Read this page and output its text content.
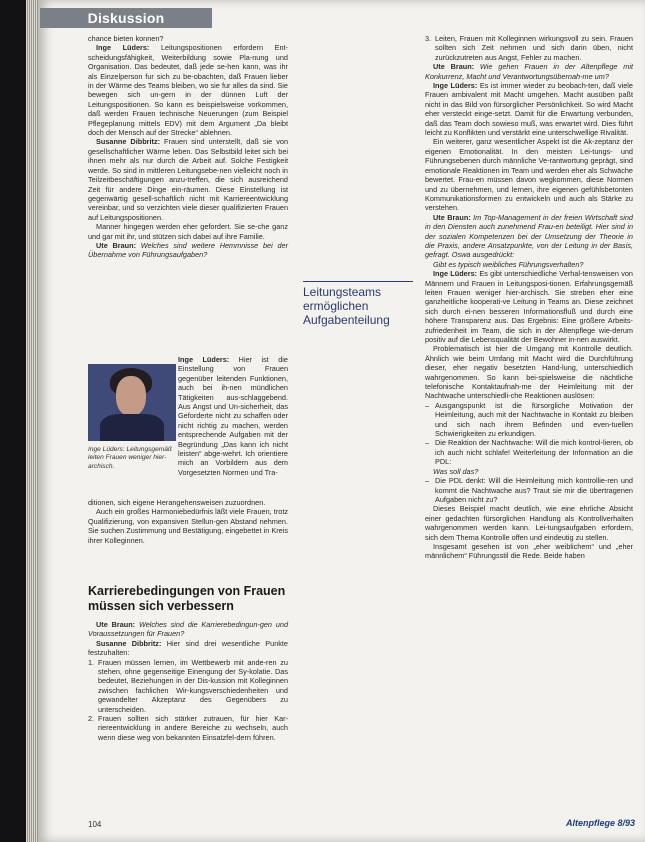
Diskussion

chance bieten konnen?

Inge Lüders: Leitungspositionen erfordern Ent-scheidungsfähigkeit, Weiterbildung sowie Pla-nung und Organisation. Das bedeutet, daß jede se-hen kann, was ihr als Einzelperson fur sich zu be-obachten, daß Frauen lieber in der Wärme des Teams bleiben, wo sie fur alles da sind. Sie bewegen sich un-gern in der dünnen Luft der Leitungspositionen. So kann es beispielsweise vorkommen, daß werden Frauen technische Neuerungen (zum Beispiel Pflegeplanung mittels EDV) mit dem Argument „Da bleibt doch der Mensch auf der Strecke“ ablehnen.

Susanne Dibbritz: Frauen sind unterstellt, daß sie von gesellschaftlicher Wärme leben. Das Selbstbild leitet sich bei ihnen mehr als nur durch die Arbeit auf. Solche Festigkeit werde. So sind in mittleren Leitungsebe-nen vielleicht noch in Teilzeitbeschäftigungen anzu-treffen, die sich ausreichend Zeit für andere Dinge ein-räumen. Diese Einstellung ist gegenwärtig gesell-schaftlich nicht mit Karriereentwicklung vereinbar, und so verzichten viele dieser qualifizierten Frauen auf Leitungspositionen.

Manner hingegen werden eher gefordert. Sie se-che ganz und gar mit ihr, und stützen sich dabei auf ihre Familie.

Ute Braun: Welches sind weitere Hemmnisse bei der Übernahme von Führungsaufgaben?

Leitungsteams ermöglichen Aufgabenteilung
Inge Lüders: Leitungsgemäß leiten Frauen weniger hier-archisch.
Inge Lüders: Hier ist die Einstellung von Frauen gegenüber leitenden Funktionen, auch bei ih-nen mündlichen Tätigkeiten aus-schlaggebend. Aus Angst und Un-sicherheit, das Geforderte nicht zu schaffen oder nicht richtig zu machen, werden entsprechende Aufgaben mit der Begründung „Das kann ich nicht leisten“ abge-wehrt. Ich orientiere mich an Vorbildern aus dem Vorgesetzten Normen und Tra-

ditionen, sich eigene Herangehensweisen zuzuordnen.

Auch ein großes Harmoniebedürfnis läßt viele Frauen, trotz Qualifizierung, von expansiven Stellun-gen Abstand nehmen. Sie suchen Zustimmung und Bestätigung, eingebettet in Kreis ihrer Kolleginnen.

Karrierebedingungen von Frauen müssen sich verbessern

Ute Braun: Welches sind die Karrierebedingun-gen und Voraussetzungen für Frauen?

Susanne Dibbritz: Hier sind drei wesentliche Punkte festzuhalten:

1. Frauen müssen lernen, im Wettbewerb mit ande-ren zu stehen, ohne gegenseitige Einengung der Sy-kolatie. Das bedeutet, Beziehungen in der Dis-kussion mit Kolleginnen zwischen fachlichen Wir-kungsverschiedenheiten und gewandelter Akzeptanz des Gegenübers zu unterscheiden.
2. Frauen sollten sich stärker zutrauen, für hier Kar-riereentwicklung in andere Bereiche zu wechseln, auch wenn diese weg von bekannten Einsatzfel-dern führen.
3. Leiten, Frauen mit Kolleginnen wirkungsvoll zu sein. Frauen sollten sich Zeit nehmen und sich darin üben, nicht zurückzutreten aus Angst, Fehler zu machen.

Ute Braun: Wie gehen Frauen in der Altenpflege mit Konkurrenz, Macht und Verantwortungsübernah-me um?

Inge Lüders: Es ist immer wieder zu beobach-ten, daß viele Frauen ambivalent mit Macht umgehen. Macht ausüben paßt nicht in das Bild von fürsorglicher Persönlichkeit. So wird Macht eher versteckt einge-setzt. Damit für die Erwartung verbunden, daß das Team doch sowieso muß, was erwartet wird. Dies führt leicht zu Konflikten und verstärkt eine unterschwellige Rivalität.

Ein weiterer, ganz wesentlicher Aspekt ist die Ak-zeptanz der eigenen Emotionalität. In den meisten Lei-tungs- und Führungsebenen durch männliche Ve-rantwortung geprägt, sind emotionale Reaktionen im Team und werden eher als Schwäche bewertet. Frau-en müssen davon wegkommen, diese Normen und zu übernehmen, und lernen, ihre eigenen gefühlsbetonten Kommunikationsformen zu entwickeln und auch als Stärke zu verstehen.

Ute Braun: Im Top-Management in der freien Wirtschaft sind in den Diensten auch zunehmend Frau-en beteiligt. Hier sind in der sozialen Kompetenzen bei der Umsetzung der Theorie in die Praxis, andere Ansatzpunkte, von der Leitung in der Basis, gefragt. Oswa ausgedrückt:

Gibt es typisch weibliches Führungsverhalten?

Inge Lüders: Es gibt unterschiedliche Verhal-tensweisen von Männern und Frauen in Leitungsposi-tionen. Erfahrungsgemäß leiten Frauen weniger hier-archisch. Sie streben eher eine ganzheitliche kooperati-ve Leitung in Teams an. Diese zeichnet sich durch ei-nen besseren Informationsfluß und durch eine höhere Transparenz aus. Das Ergebnis: Eine größere Arbeits-zufriedenheit im Team, die sich in der Altenpflege wie-derum positiv auf die Lebensqualität der Bewohner in-nen auswirkt.

Problematisch ist hier die Umgang mit Kontrolle deutlich. Ähnlich wie beim Umfang mit Macht wird die Durchführung dieser, eher negativ besetzten Hand-lung, unterschiedlich wahrgenommen. So kann bei-spielsweise die nächtliche telefonische Kontaktaufnah-me der Heimleitung mit der Nachtwache unterschiedli-che Reaktionen auslösen:

– Ausgangspunkt ist die fürsorgliche Motivation der Heimleitung, auch mit der Nachtwache in Kontakt zu bleiben und sich nach ihrem Befinden und even-tuellen Schwierigkeiten zu erkundigen.
– Die Reaktion der Nachtwache: Will die mich kontrol-lieren, ob ich auch nicht schlafe! Weiterleitung der Information an die PDL:

Was soll das?

– Die PDL denkt: Will die Heimleitung mich kontrollie-ren und kommt die Nachtwache aus? Traut sie mir die übertragenen Aufgaben nicht zu?

Dieses Beispiel macht deutlich, wie eine ehrliche Absicht einer gedachten fürsorglichen Handlung als Kontrollverhalten wahrgenommen werden kann. Lei-tungsaufgaben erfordern, sich dem Thema Kontrolle offen und eindeutig zu stellen.

Insgesamt gesehen ist von „eher weiblichem“ und „eher männlichem“ Führungsstil die Rede. Beide haben

104	Altenpflege 8/93
